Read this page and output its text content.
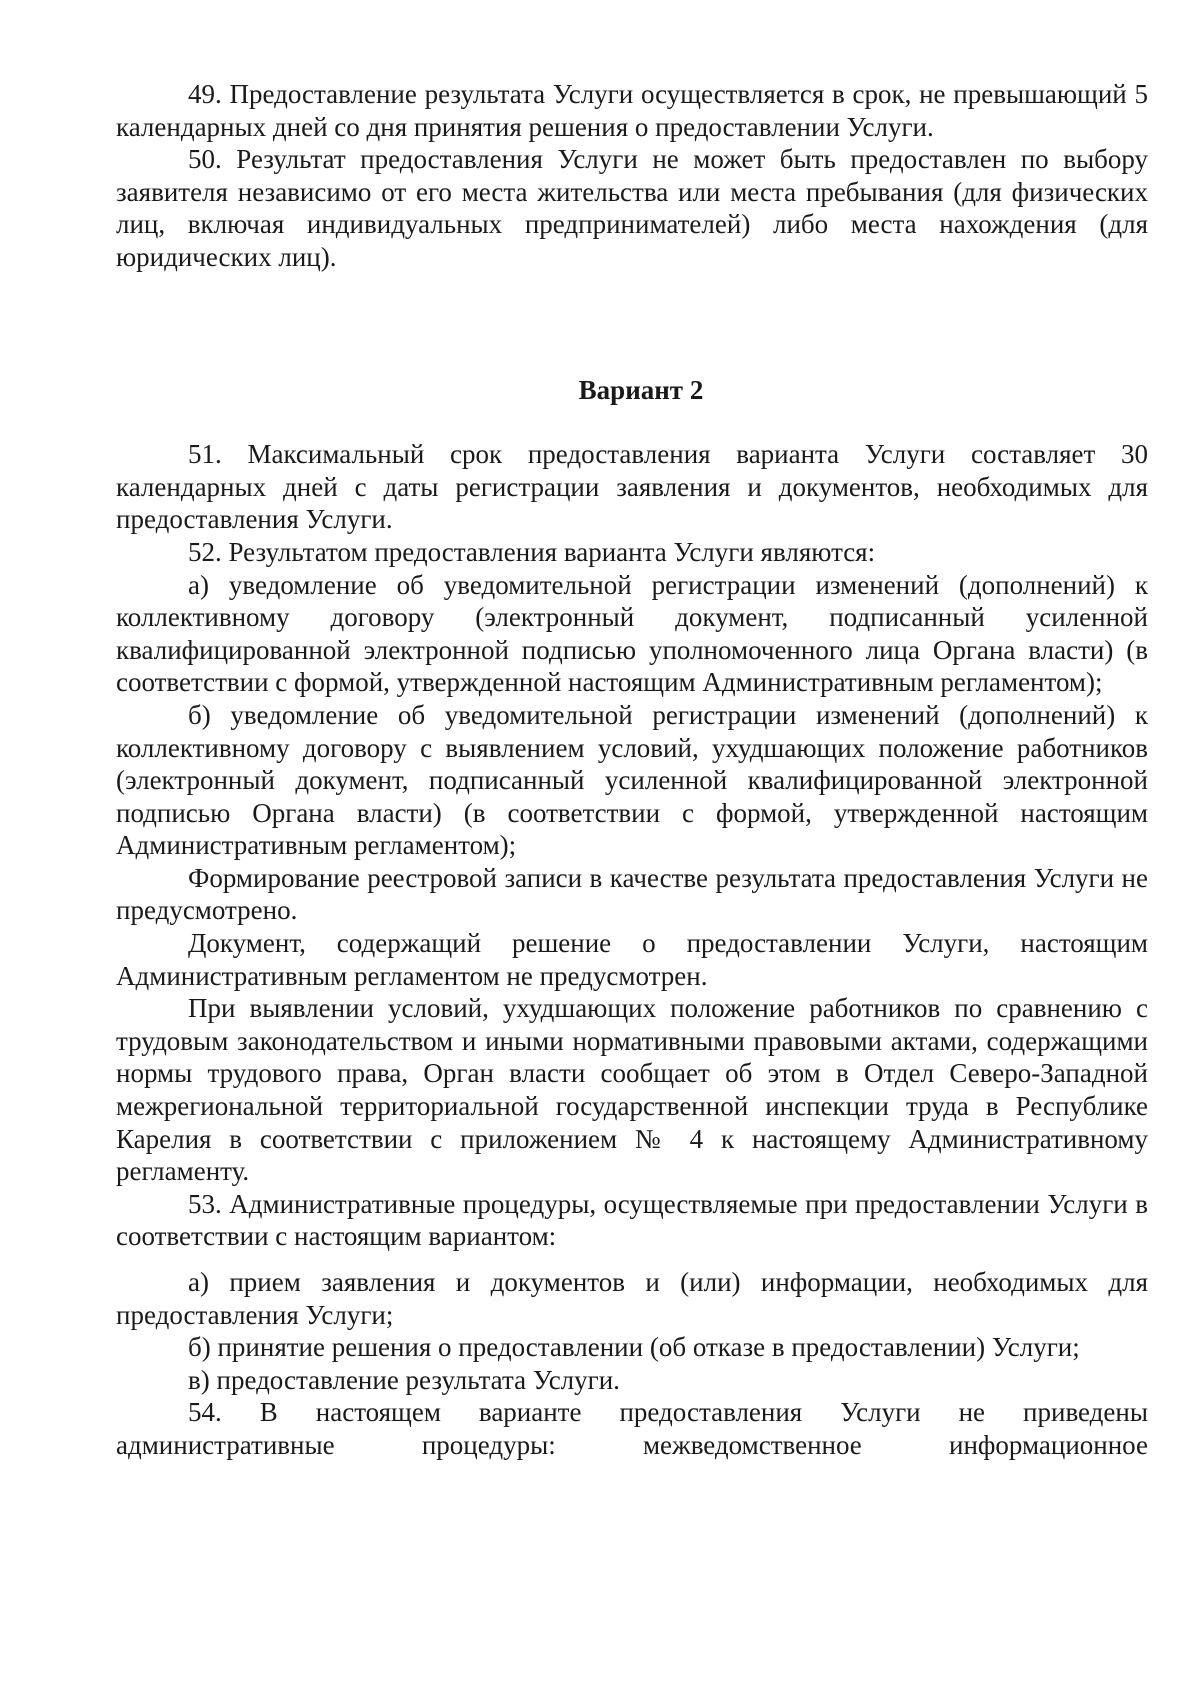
49. Предоставление результата Услуги осуществляется в срок, не превышающий 5 календарных дней со дня принятия решения о предоставлении Услуги.

50. Результат предоставления Услуги не может быть предоставлен по выбору заявителя независимо от его места жительства или места пребывания (для физических лиц, включая индивидуальных предпринимателей) либо места нахождения (для юридических лиц).

Вариант 2

51. Максимальный срок предоставления варианта Услуги составляет 30 календарных дней с даты регистрации заявления и документов, необходимых для предоставления Услуги.

52. Результатом предоставления варианта Услуги являются:

а) уведомление об уведомительной регистрации изменений (дополнений) к коллективному договору (электронный документ, подписанный усиленной квалифицированной электронной подписью уполномоченного лица Органа власти) (в соответствии с формой, утвержденной настоящим Административным регламентом);

б) уведомление об уведомительной регистрации изменений (дополнений) к коллективному договору с выявлением условий, ухудшающих положение работников (электронный документ, подписанный усиленной квалифицированной электронной подписью Органа власти) (в соответствии с формой, утвержденной настоящим Административным регламентом);

Формирование реестровой записи в качестве результата предоставления Услуги не предусмотрено.

Документ, содержащий решение о предоставлении Услуги, настоящим Административным регламентом не предусмотрен.

При выявлении условий, ухудшающих положение работников по сравнению с трудовым законодательством и иными нормативными правовыми актами, содержащими нормы трудового права, Орган власти сообщает об этом в Отдел Северо-Западной межрегиональной территориальной государственной инспекции труда в Республике Карелия в соответствии с приложением № 4 к настоящему Административному регламенту.

53. Административные процедуры, осуществляемые при предоставлении Услуги в соответствии с настоящим вариантом:

а) прием заявления и документов и (или) информации, необходимых для предоставления Услуги;

б) принятие решения о предоставлении (об отказе в предоставлении) Услуги;

в) предоставление результата Услуги.

54. В настоящем варианте предоставления Услуги не приведены административные процедуры: межведомственное информационное
